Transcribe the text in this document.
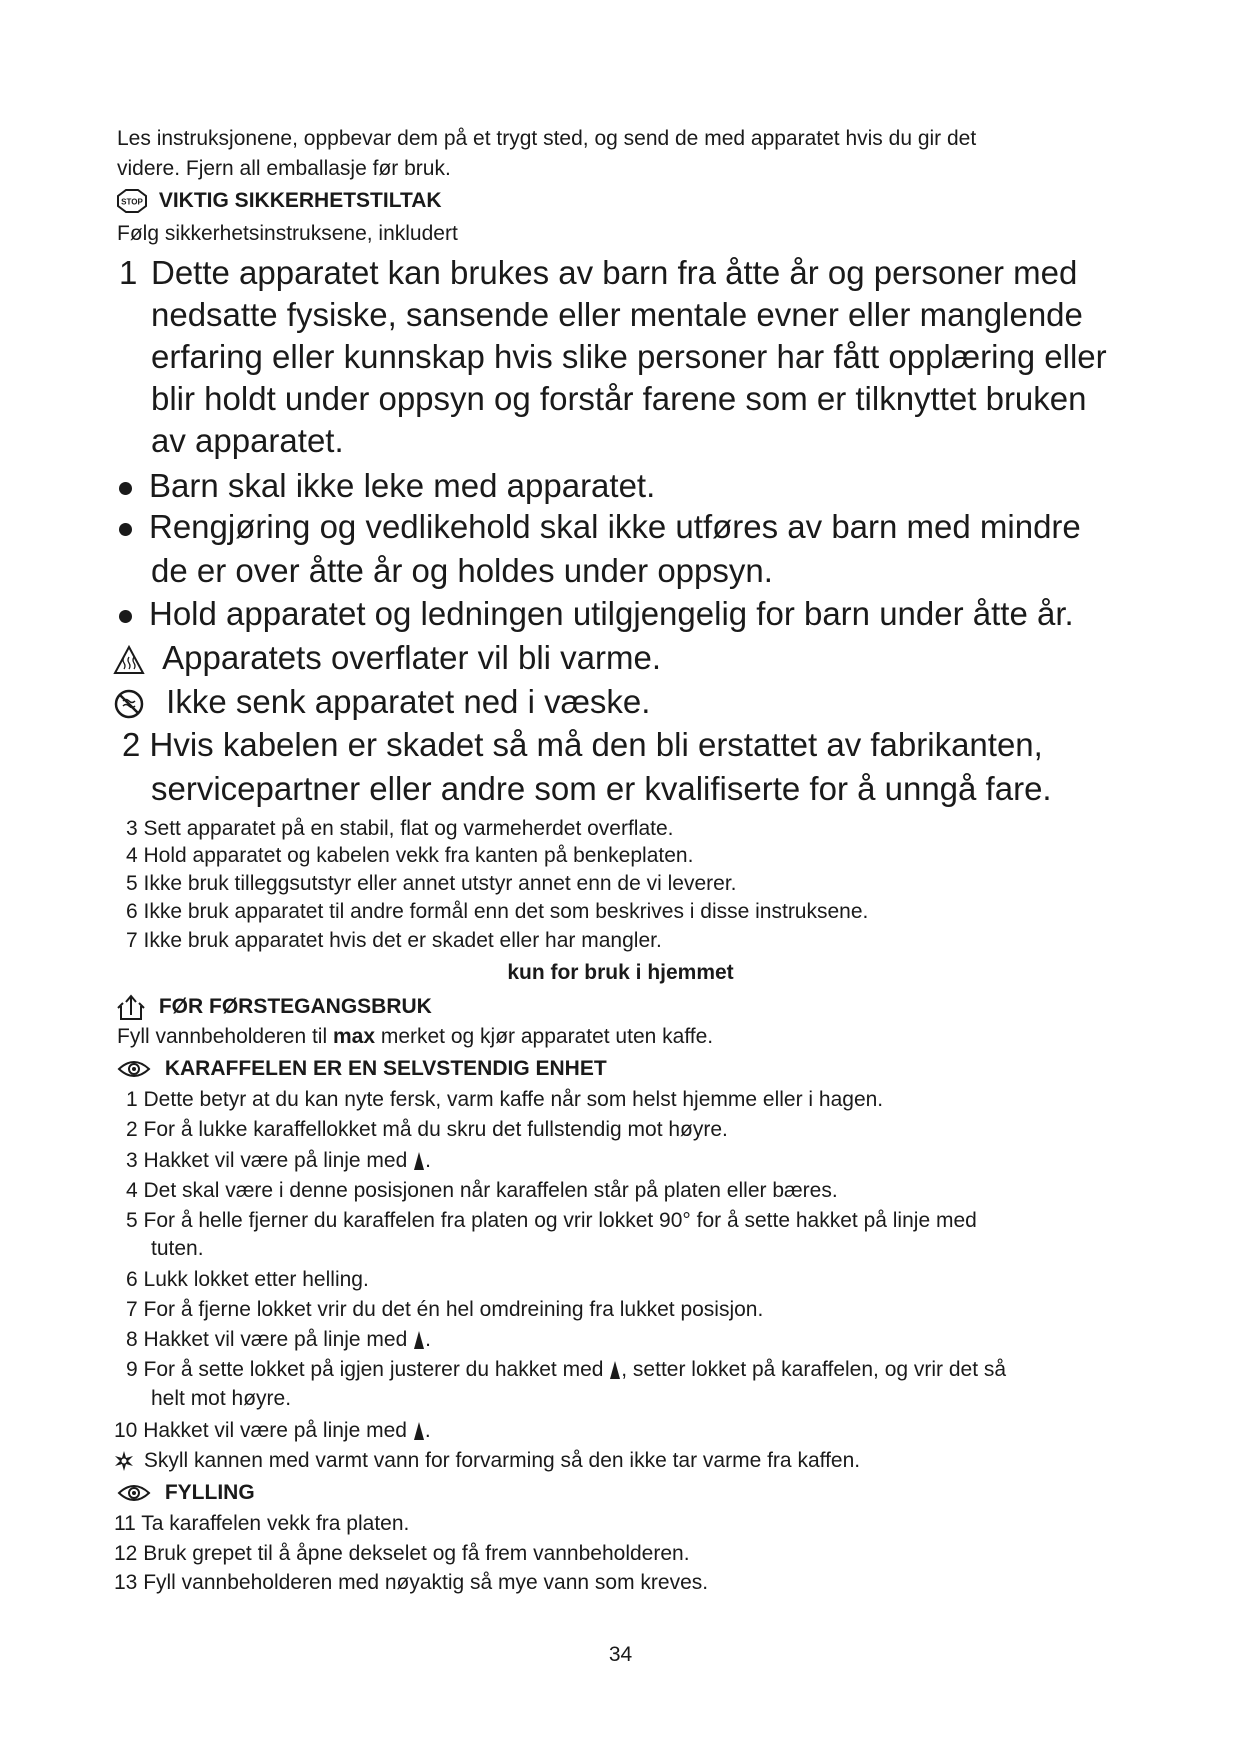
Les instruksjonene, oppbevar dem på et trygt sted, og send de med apparatet hvis du gir det
videre. Fjern all emballasje før bruk.
STOP VIKTIG SIKKERHETSTILTAK
Følg sikkerhetsinstruksene, inkludert
1 Dette apparatet kan brukes av barn fra åtte år og personer med
nedsatte fysiske, sansende eller mentale evner eller manglende
erfaring eller kunnskap hvis slike personer har fått opplæring eller
blir holdt under oppsyn og forstår farene som er tilknyttet bruken
av apparatet.
Barn skal ikke leke med apparatet.
Rengjøring og vedlikehold skal ikke utføres av barn med mindre
de er over åtte år og holdes under oppsyn.
Hold apparatet og ledningen utilgjengelig for barn under åtte år.
Apparatets overflater vil bli varme.
Ikke senk apparatet ned i væske.
2 Hvis kabelen er skadet så må den bli erstattet av fabrikanten,
servicepartner eller andre som er kvalifiserte for å unngå fare.
3 Sett apparatet på en stabil, flat og varmeherdet overflate.
4 Hold apparatet og kabelen vekk fra kanten på benkeplaten.
5 Ikke bruk tilleggsutstyr eller annet utstyr annet enn de vi leverer.
6 Ikke bruk apparatet til andre formål enn det som beskrives i disse instruksene.
7 Ikke bruk apparatet hvis det er skadet eller har mangler.
kun for bruk i hjemmet
FØR FØRSTEGANGSBRUK
Fyll vannbeholderen til max merket og kjør apparatet uten kaffe.
KARAFFELEN ER EN SELVSTENDIG ENHET
1 Dette betyr at du kan nyte fersk, varm kaffe når som helst hjemme eller i hagen.
2 For å lukke karaffellokket må du skru det fullstendig mot høyre.
3 Hakket vil være på linje med .
4 Det skal være i denne posisjonen når karaffelen står på platen eller bæres.
5 For å helle fjerner du karaffelen fra platen og vrir lokket 90° for å sette hakket på linje med
tuten.
6 Lukk lokket etter helling.
7 For å fjerne lokket vrir du det én hel omdreining fra lukket posisjon.
8 Hakket vil være på linje med .
9 For å sette lokket på igjen justerer du hakket med , setter lokket på karaffelen, og vrir det så
helt mot høyre.
10 Hakket vil være på linje med .
Skyll kannen med varmt vann for forvarming så den ikke tar varme fra kaffen.
FYLLING
11 Ta karaffelen vekk fra platen.
12 Bruk grepet til å åpne dekselet og få frem vannbeholderen.
13 Fyll vannbeholderen med nøyaktig så mye vann som kreves.
34
